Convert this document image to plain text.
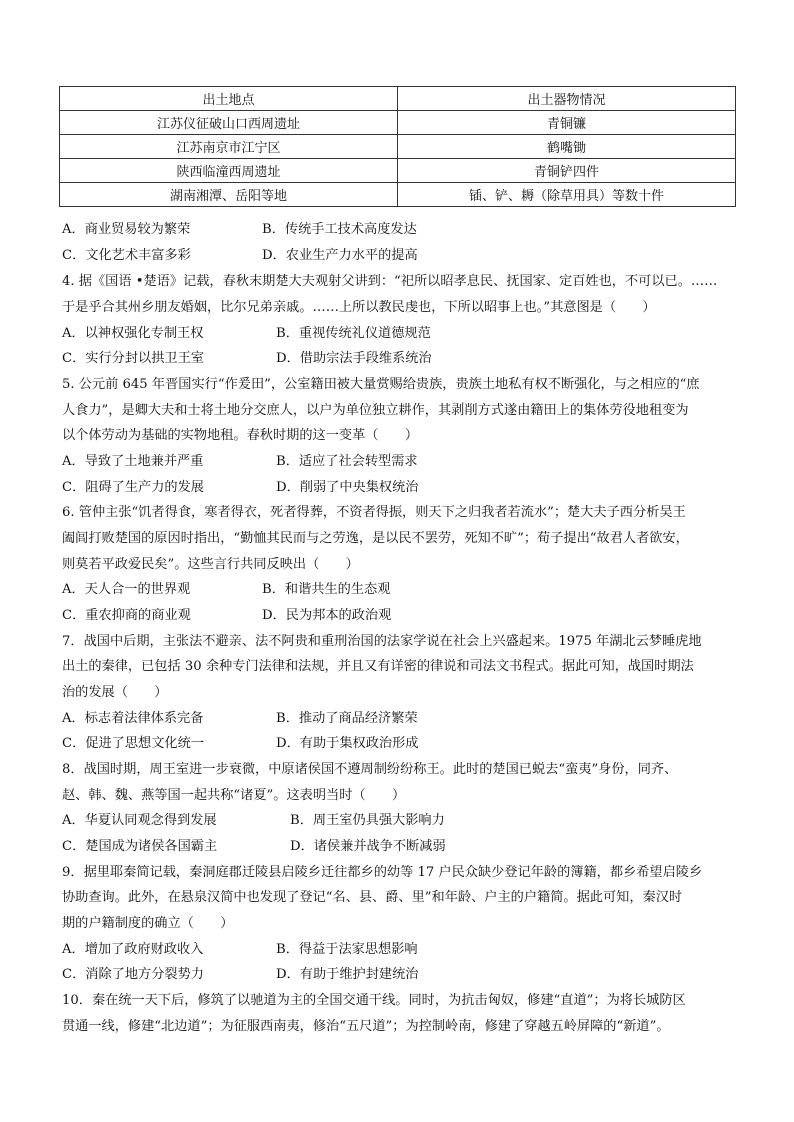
出土地点	出土器物情况
江苏仪征破山口西周遗址	青铜镰
江苏南京市江宁区	鹤嘴锄
陕西临潼西周遗址	青铜铲四件
湖南湘潭、岳阳等地	锸、铲、耨（除草用具）等数十件
A．商业贸易较为繁荣	B．传统手工技术高度发达
C．文化艺术丰富多彩	D．农业生产力水平的提高
4. 据《国语 •楚语》记载，春秋末期楚大夫观射父讲到：“祀所以昭孝息民、抚国家、定百姓也，不可以已。……
于是乎合其州乡朋友婚姻，比尔兄弟亲戚。……上所以教民虔也，下所以昭事上也。”其意图是（　　）
A．以神权强化专制王权	B．重视传统礼仪道德规范
C．实行分封以拱卫王室	D．借助宗法手段维系统治
5. 公元前 645 年晋国实行“作爰田”，公室籍田被大量赏赐给贵族，贵族土地私有权不断强化，与之相应的“庶
人食力”，是卿大夫和士将土地分交庶人，以户为单位独立耕作，其剥削方式遂由籍田上的集体劳役地租变为
以个体劳动为基础的实物地租。春秋时期的这一变革（　　）
A．导致了土地兼并严重	B．适应了社会转型需求
C．阻碍了生产力的发展	D．削弱了中央集权统治
6. 管仲主张“饥者得食，寒者得衣，死者得葬，不资者得振，则天下之归我者若流水”；楚大夫子西分析吴王
阖闾打败楚国的原因时指出，“勤恤其民而与之劳逸，是以民不罢劳，死知不旷”；荀子提出“故君人者欲安，
则莫若平政爱民矣”。这些言行共同反映出（　　）
A．天人合一的世界观	B．和谐共生的生态观
C．重农抑商的商业观	D．民为邦本的政治观
7．战国中后期，主张法不避亲、法不阿贵和重刑治国的法家学说在社会上兴盛起来。1975 年湖北云梦睡虎地
出土的秦律，已包括 30 余种专门法律和法规，并且又有详密的律说和司法文书程式。据此可知，战国时期法
治的发展（　　）
A．标志着法律体系完备	B．推动了商品经济繁荣
C．促进了思想文化统一	D．有助于集权政治形成
8．战国时期，周王室进一步衰微，中原诸侯国不遵周制纷纷称王。此时的楚国已蜕去“蛮夷”身份，同齐、
赵、韩、魏、燕等国一起共称“诸夏”。这表明当时（　　）
A．华夏认同观念得到发展	B．周王室仍具强大影响力
C．楚国成为诸侯各国霸主	D．诸侯兼并战争不断减弱
9．据里耶秦简记载，秦洞庭郡迁陵县启陵乡迁往都乡的幼等 17 户民众缺少登记年龄的簿籍，都乡希望启陵乡
协助查询。此外，在悬泉汉简中也发现了登记“名、县、爵、里”和年龄、户主的户籍简。据此可知，秦汉时
期的户籍制度的确立（　　）
A．增加了政府财政收入	B．得益于法家思想影响
C．消除了地方分裂势力	D．有助于维护封建统治
10．秦在统一天下后，修筑了以驰道为主的全国交通干线。同时，为抗击匈奴，修建“直道”；为将长城防区
贯通一线，修建“北边道”；为征服西南夷，修治“五尺道”；为控制岭南，修建了穿越五岭屏障的“新道”。
